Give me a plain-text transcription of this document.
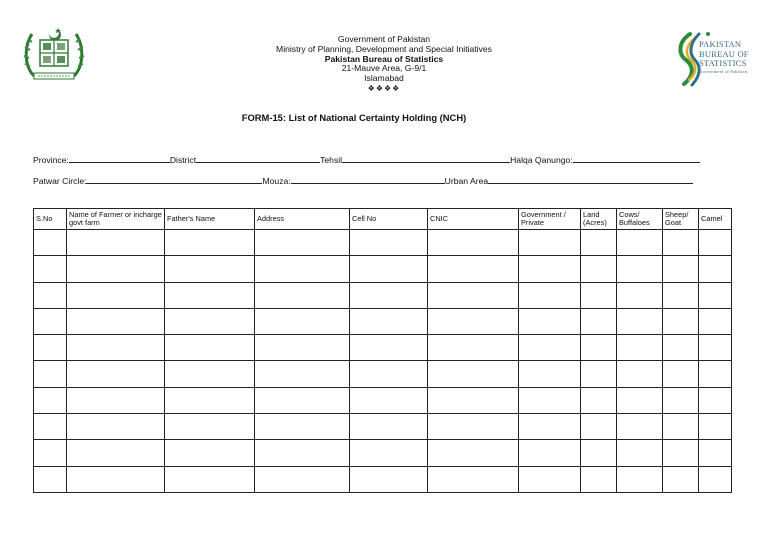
PAKISTAN
BUREAU OF
STATISTICS
Government of Pakistan
Government of Pakistan
Ministry of Planning, Development and Special Initiatives
Pakistan Bureau of Statistics
21-Mauve Area, G-9/1
Islamabad
❖❖❖❖
FORM-15: List of National Certainty Holding (NCH)
Province:	District	Tehsil	Halqa Qanungo:
Patwar Circle:	Mouza:	Urban Area
S.No	Name of Farmer or incharge govt farm	Father's Name	Address	Cell No	CNIC	Government / Private	Land (Acres)	Cows/ Buffaloes	Sheep/ Goat	Camel
